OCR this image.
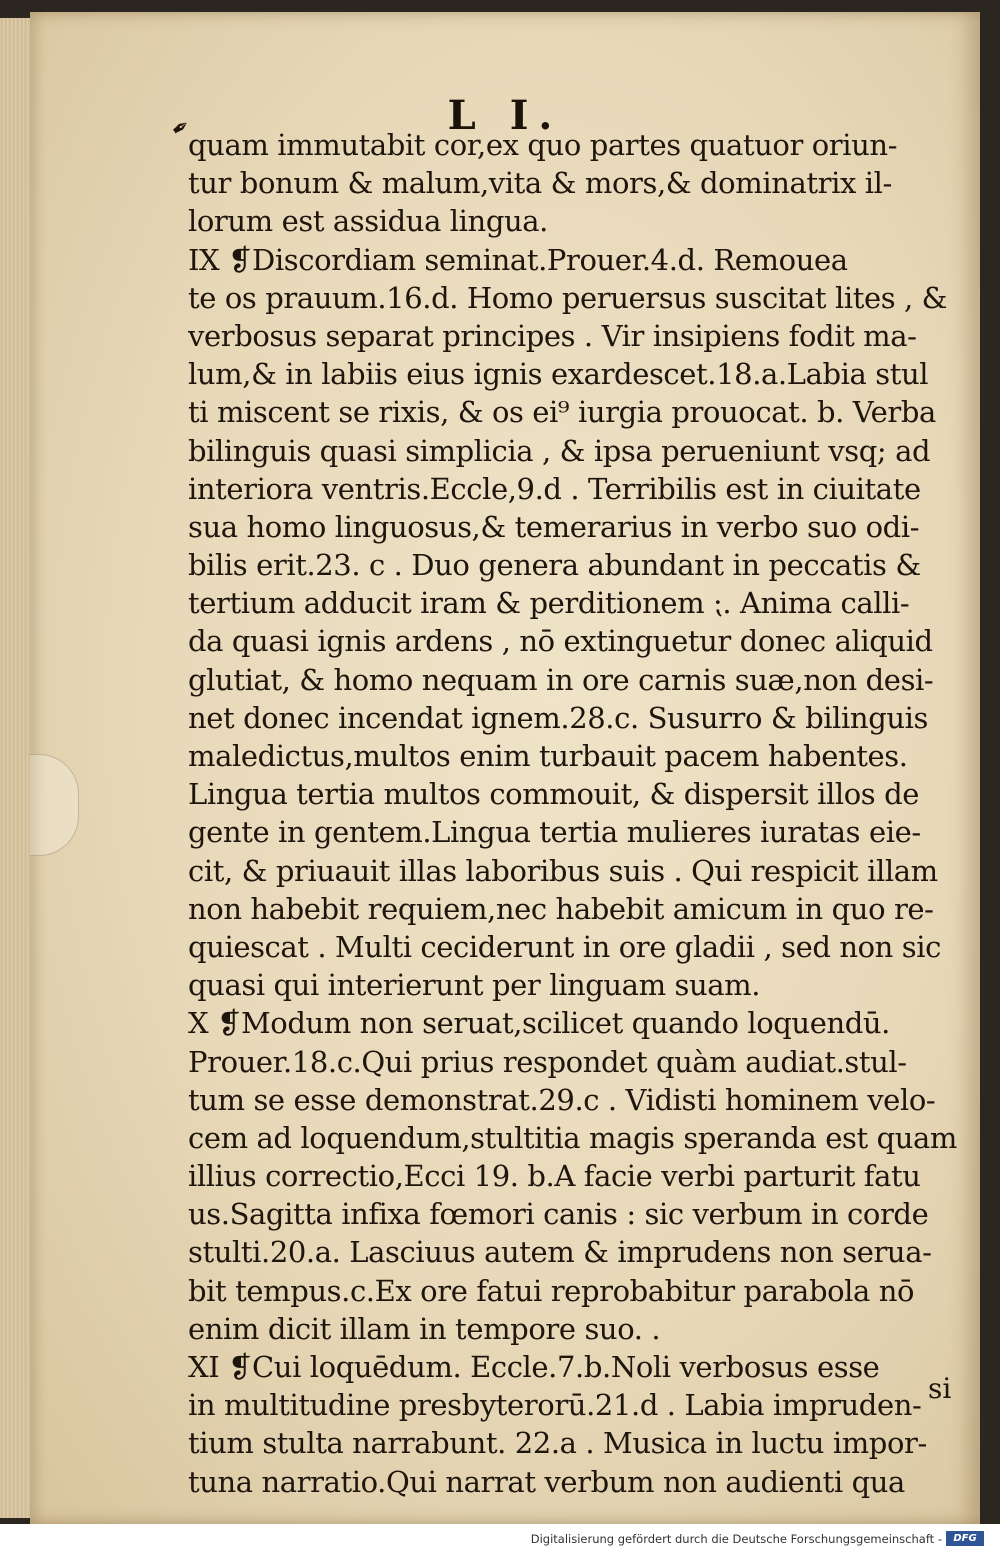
✒	L I.
quam immutabit cor,ex quo partes quatuor oriun-
tur bonum & malum,vita & mors,& dominatrix il-
lorum est assidua lingua.
IX ❡Discordiam seminat.Prouer.4.d. Remouea
te os prauum.16.d. Homo peruersus suscitat lites , &
verbosus separat principes . Vir insipiens fodit ma-
lum,& in labiis eius ignis exardescet.18.a.Labia stul
ti miscent se rixis, & os ei⁹ iurgia prouocat. b. Verba
bilinguis quasi simplicia , & ipsa perueniunt vsq; ad
interiora ventris.Eccle,9.d . Terribilis est in ciuitate
sua homo linguosus,& temerarius in verbo suo odi-
bilis erit.23. c . Duo genera abundant in peccatis &
tertium adducit iram & perditionem ⁏. Anima calli-
da quasi ignis ardens , nō extinguetur donec aliquid
glutiat, & homo nequam in ore carnis suæ,non desi-
net donec incendat ignem.28.c. Susurro & bilinguis
maledictus,multos enim turbauit pacem habentes.
Lingua tertia multos commouit, & dispersit illos de
gente in gentem.Lingua tertia mulieres iuratas eie-
cit, & priuauit illas laboribus suis . Qui respicit illam
non habebit requiem,nec habebit amicum in quo re-
quiescat . Multi ceciderunt in ore gladii , sed non sic
quasi qui interierunt per linguam suam.
X ❡Modum non seruat,scilicet quando loquendū.
Prouer.18.c.Qui prius respondet quàm audiat.stul-
tum se esse demonstrat.29.c . Vidisti hominem velo-
cem ad loquendum,stultitia magis speranda est quam
illius correctio,Ecci 19. b.A facie verbi parturit fatu
us.Sagitta infixa fœmori canis : sic verbum in corde
stulti.20.a. Lasciuus autem & imprudens non serua-
bit tempus.c.Ex ore fatui reprobabitur parabola nō
enim dicit illam in tempore suo. .
XI ❡Cui loquēdum. Eccle.7.b.Noli verbosus esse
in multitudine presbyterorū.21.d . Labia impruden-
tium stulta narrabunt. 22.a . Musica in luctu impor-
tuna narratio.Qui narrat verbum non audienti qua
si
Digitalisierung gefördert durch die Deutsche Forschungsgemeinschaft -	DFG
